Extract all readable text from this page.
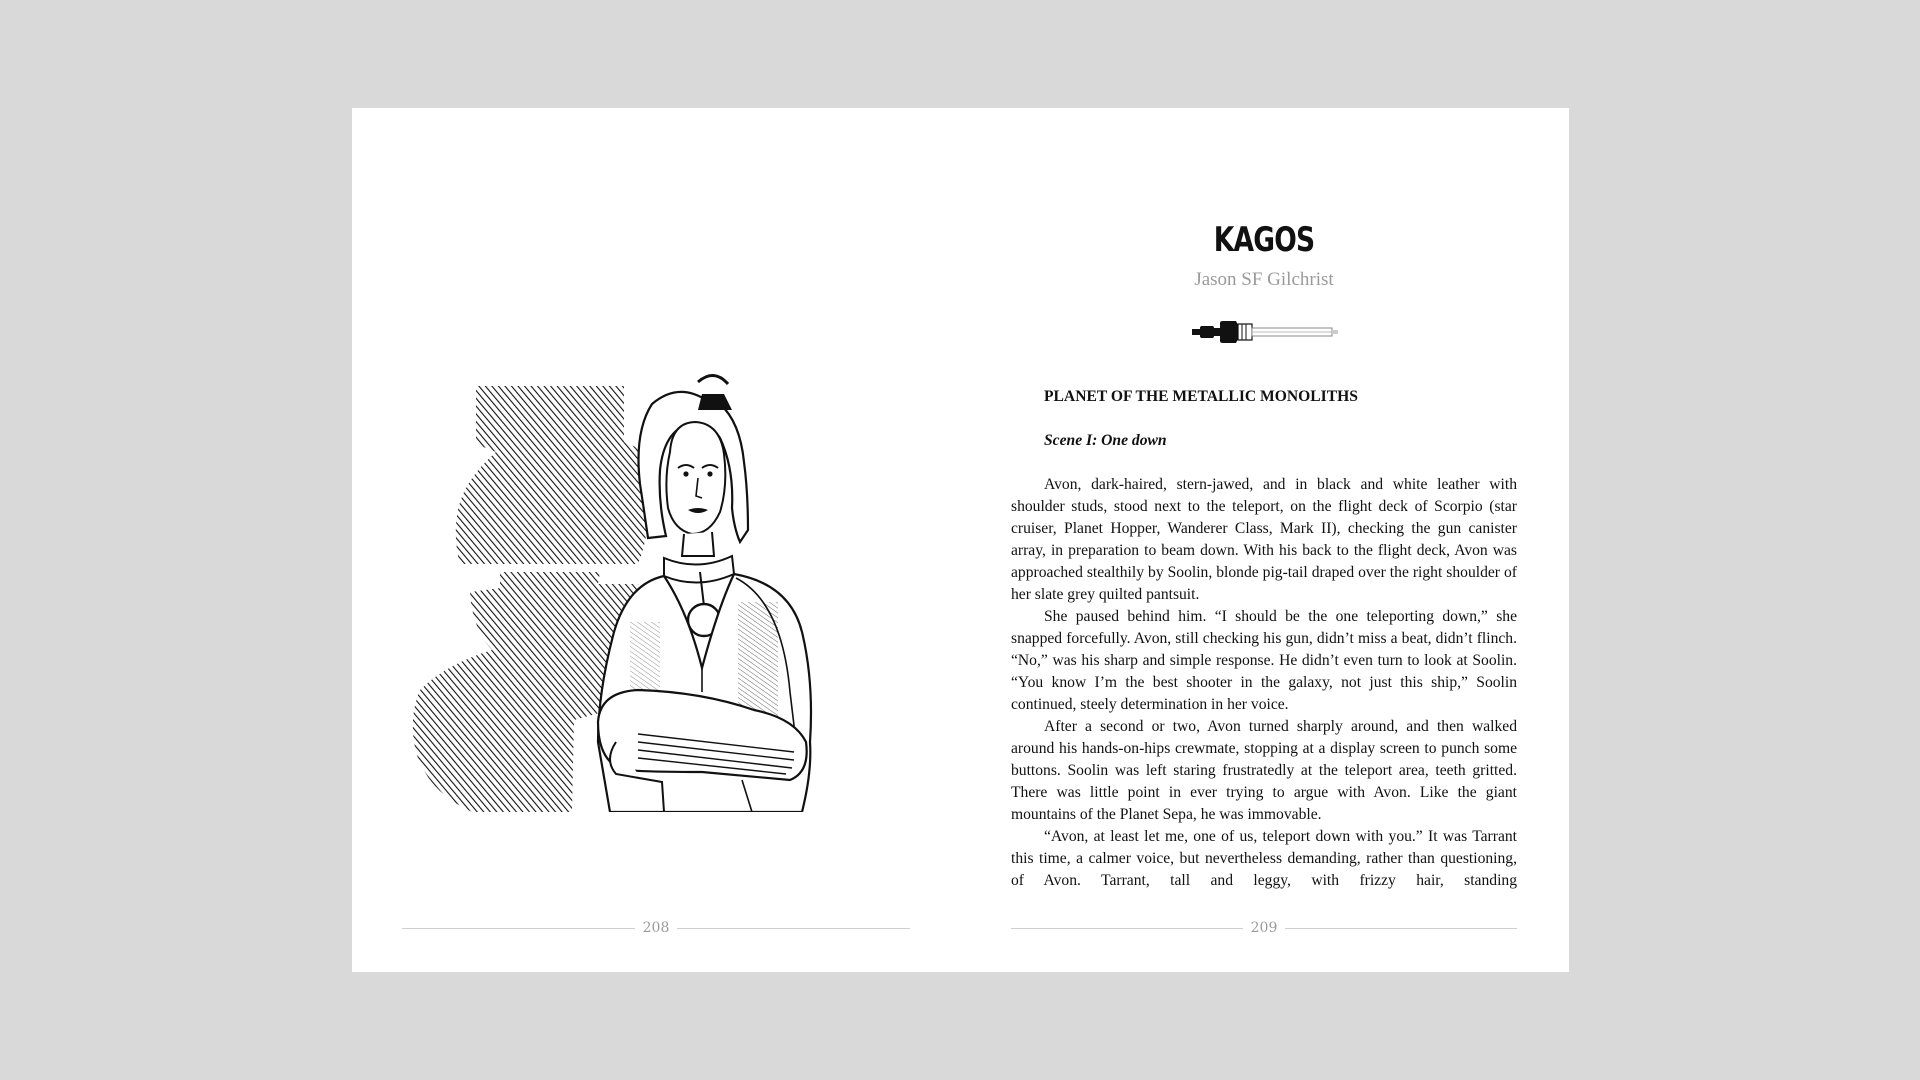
208
KAGOS
Jason SF Gilchrist

PLANET OF THE METALLIC MONOLITHS

Scene I: One down

Avon, dark-haired, stern-jawed, and in black and white leather with shoulder studs, stood next to the teleport, on the flight deck of Scorpio (star cruiser, Planet Hopper, Wanderer Class, Mark II), checking the gun canister array, in preparation to beam down. With his back to the flight deck, Avon was approached stealthily by Soolin, blonde pig-tail draped over the right shoulder of her slate grey quilted pantsuit.

She paused behind him. “I should be the one teleporting down,” she snapped forcefully. Avon, still checking his gun, didn’t miss a beat, didn’t flinch. “No,” was his sharp and simple response. He didn’t even turn to look at Soolin. “You know I’m the best shooter in the galaxy, not just this ship,” Soolin continued, steely determination in her voice.

After a second or two, Avon turned sharply around, and then walked around his hands-on-hips crewmate, stopping at a display screen to punch some buttons. Soolin was left staring frustratedly at the teleport area, teeth gritted. There was little point in ever trying to argue with Avon. Like the giant mountains of the Planet Sepa, he was immovable.

“Avon, at least let me, one of us, teleport down with you.” It was Tarrant this time, a calmer voice, but nevertheless demanding, rather than questioning, of Avon. Tarrant, tall and leggy, with frizzy hair, standing

209
